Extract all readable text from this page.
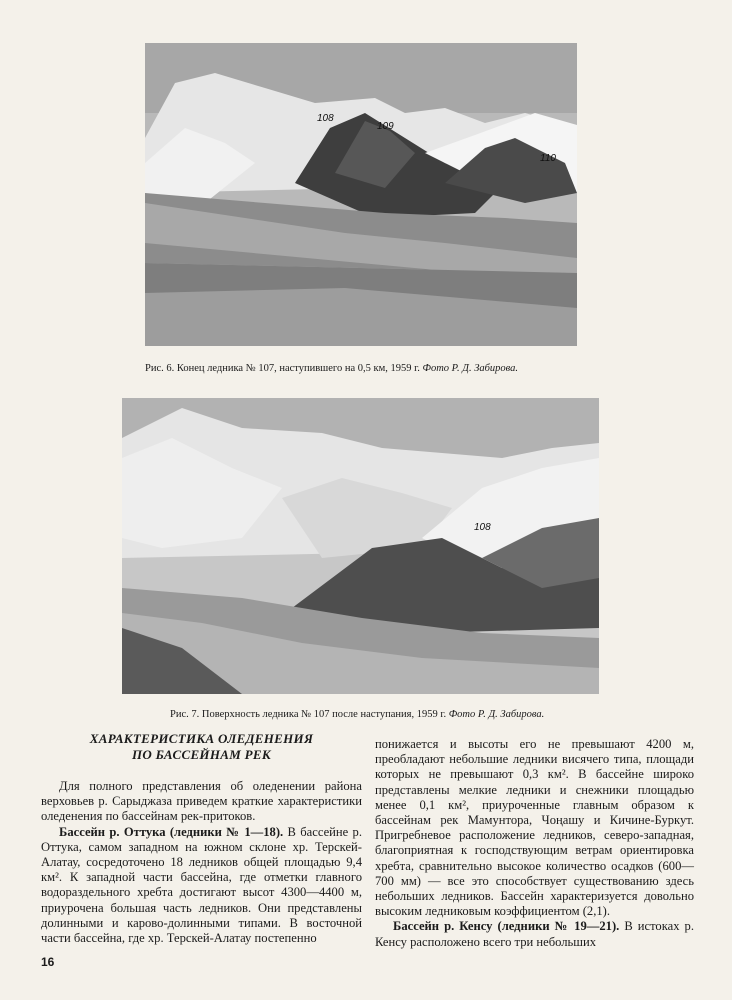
108
109
110
Рис. 6. Конец ледника № 107, наступившего на 0,5 км, 1959 г. Фото Р. Д. Забирова.
108
Рис. 7. Поверхность ледника № 107 после наступания, 1959 г. Фото Р. Д. Забирова.
ХАРАКТЕРИСТИКА ОЛЕДЕНЕНИЯ
ПО БАССЕЙНАМ РЕК

Для полного представления об оледенении района верховьев р. Сарыджаза приведем краткие характеристики оледенения по бассейнам рек-притоков.

Бассейн р. Оттука (ледники № 1—18). В бассейне р. Оттука, самом западном на южном склоне хр. Терскей-Алатау, сосредоточено 18 ледников общей площадью 9,4 км². К западной части бассейна, где отметки главного водораздельного хребта достигают высот 4300—4400 м, приурочена большая часть ледников. Они представлены долинными и карово-долинными типами. В восточной части бассейна, где хр. Терскей-Алатау постепенно

понижается и высоты его не превышают 4200 м, преобладают небольшие ледники висячего типа, площади которых не превышают 0,3 км². В бассейне широко представлены мелкие ледники и снежники площадью менее 0,1 км², приуроченные главным образом к бассейнам рек Мамунтора, Чоңашу и Кичине-Буркут. Пригребневое расположение ледников, северо-западная, благоприятная к господствующим ветрам ориентировка хребта, сравнительно высокое количество осадков (600—700 мм) — все это способствует существованию здесь небольших ледников. Бассейн характеризуется довольно высоким ледниковым коэффициентом (2,1).

Бассейн р. Кенсу (ледники № 19—21). В истоках р. Кенсу расположено всего три небольших

16
